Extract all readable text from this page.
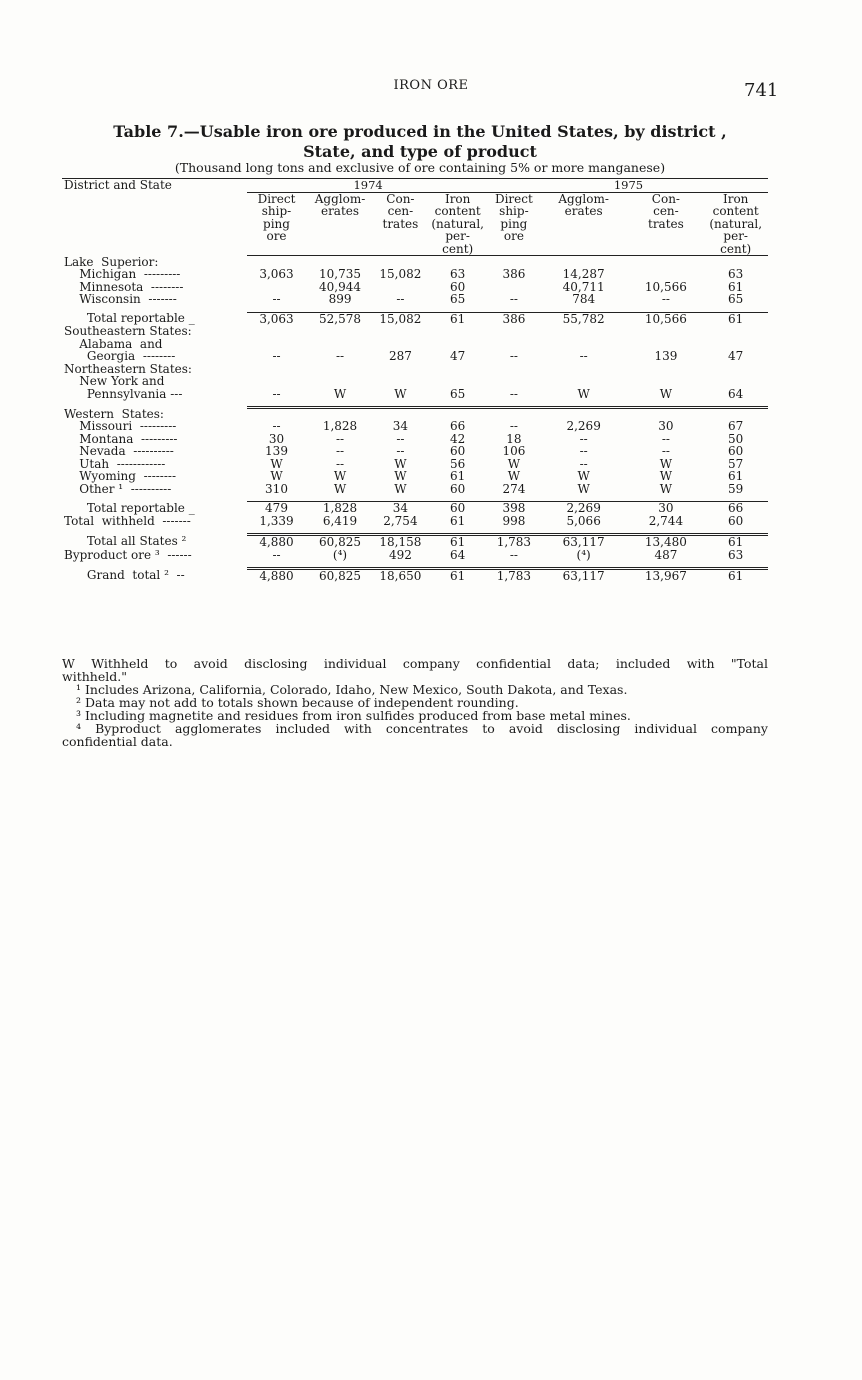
IRON ORE	741
Table 7.—Usable iron ore produced in the United States, by district ,
State, and type of product
(Thousand long tons and exclusive of ore containing 5% or more manganese)
District and State	1974				1975			
	Direct
ship-
ping
ore	Agglom-
erates	Con-
cen-
trates	Iron
content
(natural,
per-
cent)	Direct
ship-
ping
ore	Agglom-
erates	Con-
cen-
trates	Iron
content
(natural,
per-
cent)
Lake  Superior:								
Michigan  ---------	3,063	10,735	15,082	63	386	14,287		63
Minnesota  --------		40,944		60		40,711	10,566	61
Wisconsin  -------	--	899	--	65	--	784	--	65

Total reportable _	3,063	52,578	15,082	61	386	55,782	10,566	61
Southeastern States:								
Alabama  and								
Georgia  --------	--	--	287	47	--	--	139	47
Northeastern States:								
New York and								
Pennsylvania ---	--	W	W	65	--	W	W	64

Western  States:								
Missouri  ---------	--	1,828	34	66	--	2,269	30	67
Montana  ---------	30	--	--	42	18	--	--	50
Nevada  ----------	139	--	--	60	106	--	--	60
Utah  ------------	W	--	W	56	W	--	W	57
Wyoming  --------	W	W	W	61	W	W	W	61
Other ¹  ----------	310	W	W	60	274	W	W	59

Total reportable _	479	1,828	34	60	398	2,269	30	66
Total  withheld  -------	1,339	6,419	2,754	61	998	5,066	2,744	60

Total all States ²	4,880	60,825	18,158	61	1,783	63,117	13,480	61
Byproduct ore ³  ------	--	(⁴)	492	64	--	(⁴)	487	63

Grand  total ²  --	4,880	60,825	18,650	61	1,783	63,117	13,967	61

W Withheld to avoid disclosing individual company confidential data; included with "Total

withheld."

¹ Includes Arizona, California, Colorado, Idaho, New Mexico, South Dakota, and Texas.

² Data may not add to totals shown because of independent rounding.

³ Including magnetite and residues from iron sulfides produced from base metal mines.

⁴ Byproduct agglomerates included with concentrates to avoid disclosing individual company

confidential data.
